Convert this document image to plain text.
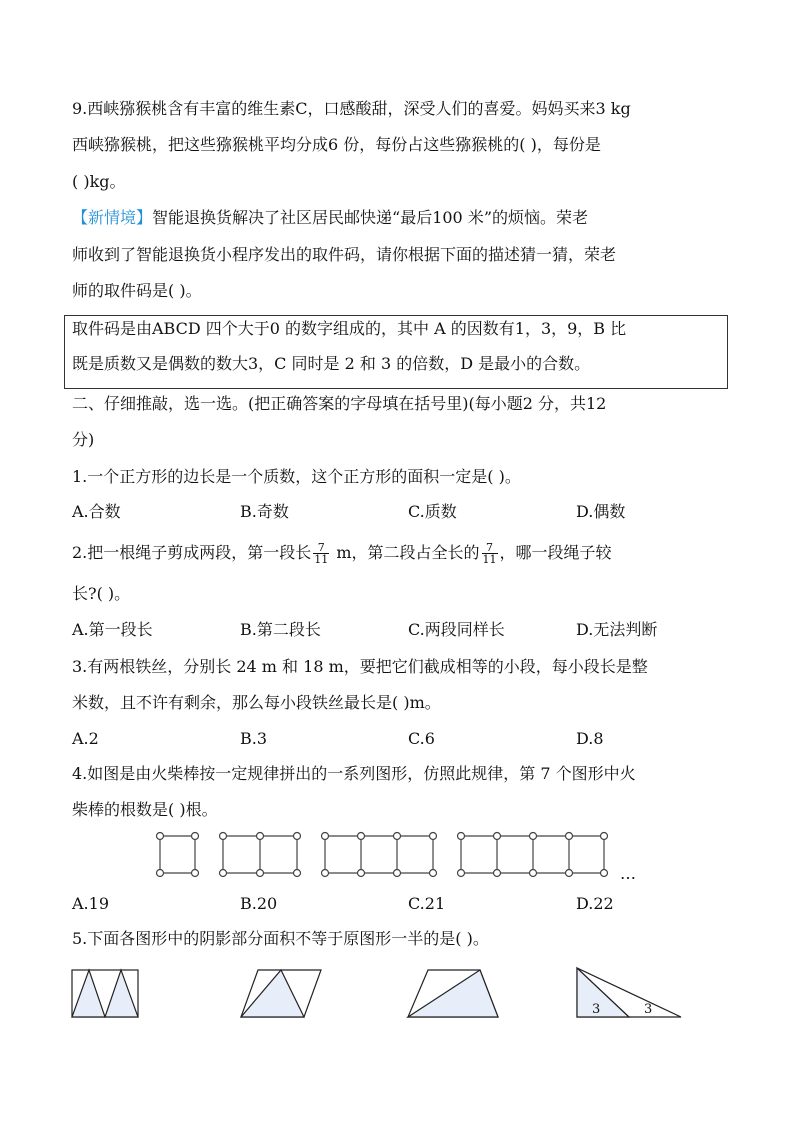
9.西峡猕猴桃含有丰富的维生素C，口感酸甜，深受人们的喜爱。妈妈买来3 kg
西峡猕猴桃，把这些猕猴桃平均分成6 份，每份占这些猕猴桃的( )，每份是
( )kg。
【新情境】智能退换货解决了社区居民邮快递“最后100 米”的烦恼。荣老
师收到了智能退换货小程序发出的取件码，请你根据下面的描述猜一猜，荣老
师的取件码是( )。
取件码是由ABCD 四个大于0 的数字组成的，其中 A 的因数有1，3，9，B 比
既是质数又是偶数的数大3，C 同时是 2 和 3 的倍数，D 是最小的合数。
二、仔细推敲，选一选。(把正确答案的字母填在括号里)(每小题2 分，共12
分)
1.一个正方形的边长是一个质数，这个正方形的面积一定是( )。
A.合数	B.奇数	C.质数	D.偶数
2.把一根绳子剪成两段，第一段长 $\frac{7}{11}$ m，第二段占全长的 $\frac{7}{11}$ ，哪一段绳子较
长?( )。
A.第一段长	B.第二段长	C.两段同样长	D.无法判断
3.有两根铁丝，分别长 24 m 和 18 m，要把它们截成相等的小段，每小段长是整
米数，且不许有剩余，那么每小段铁丝最长是( )m。
A.2	B.3	C.6	D.8
4.如图是由火柴棒按一定规律拼出的一系列图形，仿照此规律，第 7 个图形中火
柴棒的根数是( )根。
…
A.19	B.20	C.21	D.22
5.下面各图形中的阴影部分面积不等于原图形一半的是( )。
3	3
